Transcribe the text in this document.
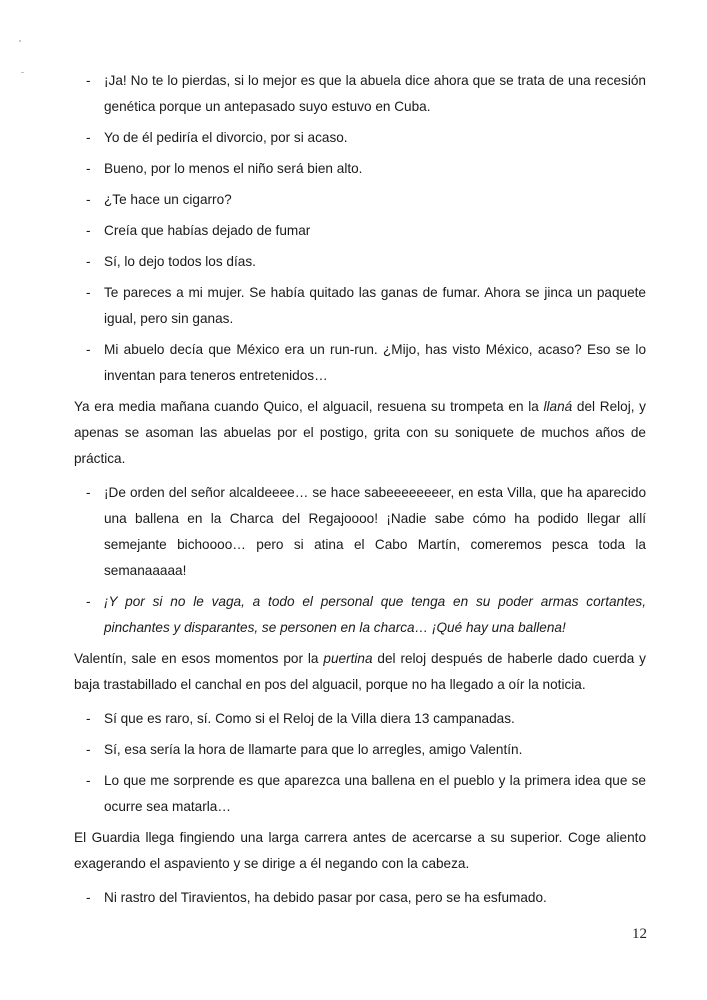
- ¡Ja! No te lo pierdas, si lo mejor es que la abuela dice ahora que se trata de una recesión genética porque un antepasado suyo estuvo en Cuba.
- Yo de él pediría el divorcio, por si acaso.
- Bueno, por lo menos el niño será bien alto.
- ¿Te hace un cigarro?
- Creía que habías dejado de fumar
- Sí, lo dejo todos los días.
- Te pareces a mi mujer. Se había quitado las ganas de fumar. Ahora se jinca un paquete igual, pero sin ganas.
- Mi abuelo decía que México era un run-run. ¿Mijo, has visto México, acaso? Eso se lo inventan para teneros entretenidos…

Ya era media mañana cuando Quico, el alguacil, resuena su trompeta en la llaná del Reloj, y apenas se asoman las abuelas por el postigo, grita con su soniquete de muchos años de práctica.

- ¡De orden del señor alcaldeeee… se hace sabeeeeeeeer, en esta Villa, que ha aparecido una ballena en la Charca del Regajoooo! ¡Nadie sabe cómo ha podido llegar allí semejante bichoooo… pero si atina el Cabo Martín, comeremos pesca toda la semanaaaaa!
- ¡Y por si no le vaga, a todo el personal que tenga en su poder armas cortantes, pinchantes y disparantes, se personen en la charca… ¡Qué hay una ballena!

Valentín, sale en esos momentos por la puertina del reloj después de haberle dado cuerda y baja trastabillado el canchal en pos del alguacil, porque no ha llegado a oír la noticia.

- Sí que es raro, sí. Como si el Reloj de la Villa diera 13 campanadas.
- Sí, esa sería la hora de llamarte para que lo arregles, amigo Valentín.
- Lo que me sorprende es que aparezca una ballena en el pueblo y la primera idea que se ocurre sea matarla…

El Guardia llega fingiendo una larga carrera antes de acercarse a su superior. Coge aliento exagerando el aspaviento y se dirige a él negando con la cabeza.

- Ni rastro del Tiravientos, ha debido pasar por casa, pero se ha esfumado.
12
